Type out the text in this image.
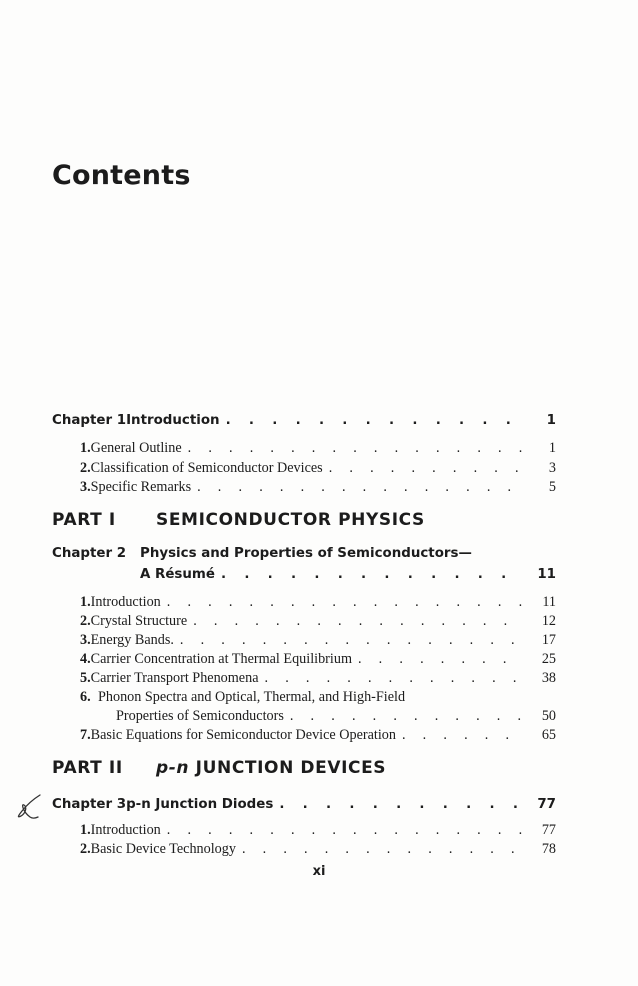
Contents
Chapter 1 Introduction . . .	1
1. General Outline . . .	1
2. Classification of Semiconductor Devices . . .	3
3. Specific Remarks . . .	5
PART I SEMICONDUCTOR PHYSICS
Chapter 2	Physics and Properties of Semiconductors—
A Résumé . . .	11
1. Introduction . . .	11
2. Crystal Structure . . .	12
3. Energy Bands. . . .	17
4. Carrier Concentration at Thermal Equilibrium . . .	25
5. Carrier Transport Phenomena . . .	38
6. Phonon Spectra and Optical, Thermal, and High-Field
Properties of Semiconductors . . .	50
7. Basic Equations for Semiconductor Device Operation . . .	65
PART II p-n JUNCTION DEVICES
Chapter 3 p-n Junction Diodes . . .	77
1. Introduction . . .	77
2. Basic Device Technology . . .	78
xi
